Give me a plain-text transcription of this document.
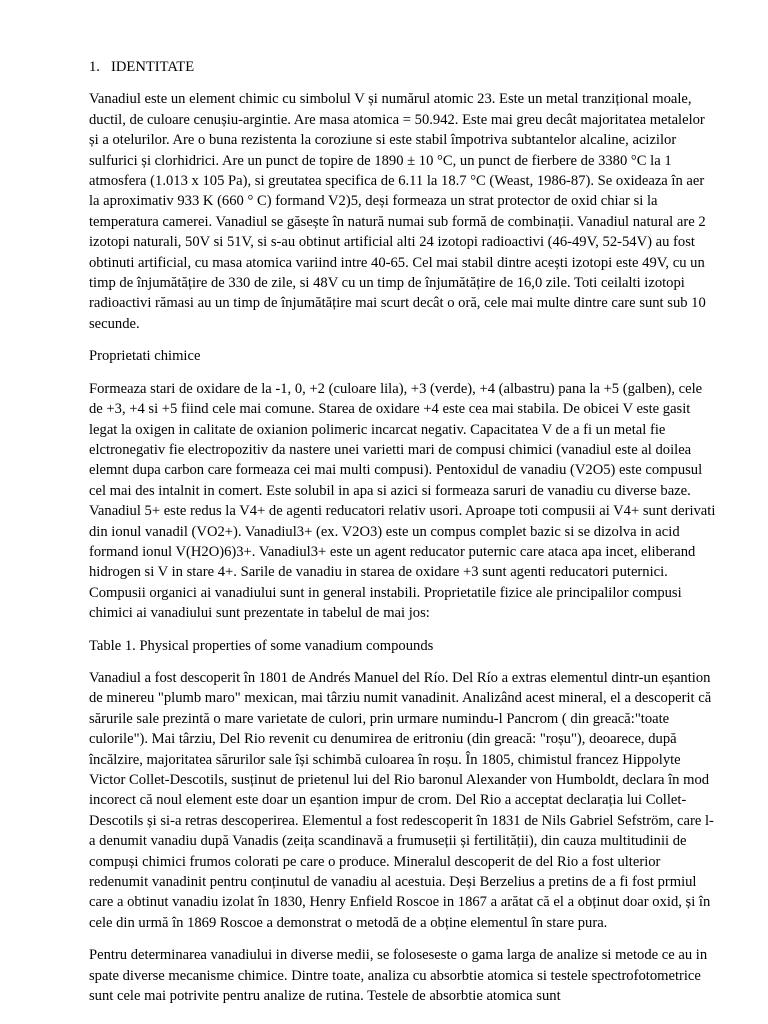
1. IDENTITATE

Vanadiul este un element chimic cu simbolul V și numărul atomic 23. Este un metal tranzițional moale, ductil, de culoare cenușiu-argintie. Are masa atomica = 50.942. Este mai greu decât majoritatea metalelor și a otelurilor. Are o buna rezistenta la coroziune si este stabil împotriva subtantelor alcaline, acizilor sulfurici și clorhidrici. Are un punct de topire de 1890 ± 10 °C, un punct de fierbere de 3380 °C la 1 atmosfera (1.013 x 105 Pa), si greutatea specifica de 6.11 la 18.7 °C (Weast, 1986-87). Se oxideaza în aer la aproximativ 933 K (660 ° C) formand V2)5, deși formeaza un strat protector de oxid chiar si la temperatura camerei. Vanadiul se găsește în natură numai sub formă de combinații. Vanadiul natural are 2 izotopi naturali, 50V si 51V, si s-au obtinut artificial alti 24 izotopi radioactivi (46-49V, 52-54V) au fost obtinuti artificial, cu masa atomica variind intre 40-65. Cel mai stabil dintre acești izotopi este 49V, cu un timp de înjumătățire de 330 de zile, si 48V cu un timp de înjumătățire de 16,0 zile. Toti ceilalti izotopi radioactivi rămasi au un timp de înjumătățire mai scurt decât o oră, cele mai multe dintre care sunt sub 10 secunde.

Proprietati chimice

Formeaza stari de oxidare de la -1, 0, +2 (culoare lila), +3 (verde), +4 (albastru) pana la +5 (galben), cele de +3, +4 si +5 fiind cele mai comune. Starea de oxidare +4 este cea mai stabila. De obicei V este gasit legat la oxigen in calitate de oxianion polimeric incarcat negativ. Capacitatea V de a fi un metal fie elctronegativ fie electropozitiv da nastere unei varietti mari de compusi chimici (vanadiul este al doilea elemnt dupa carbon care formeaza cei mai multi compusi). Pentoxidul de vanadiu (V2O5) este compusul cel mai des intalnit in comert. Este solubil in apa si azici si formeaza saruri de vanadiu cu diverse baze. Vanadiul 5+ este redus la V4+ de agenti reducatori relativ usori. Aproape toti compusii ai V4+ sunt derivati din ionul vanadil (VO2+). Vanadiul3+ (ex. V2O3) este un compus complet bazic si se dizolva in acid formand ionul V(H2O)6)3+. Vanadiul3+ este un agent reducator puternic care ataca apa incet, eliberand hidrogen si V in stare 4+. Sarile de vanadiu in starea de oxidare +3 sunt agenti reducatori puternici. Compusii organici ai vanadiului sunt in general instabili. Proprietatile fizice ale principalilor compusi chimici ai vanadiului sunt prezentate in tabelul de mai jos:

Table 1. Physical properties of some vanadium compounds

Vanadiul a fost descoperit în 1801 de Andrés Manuel del Río. Del Río a extras elementul dintr-un eșantion de minereu "plumb maro" mexican, mai târziu numit vanadinit. Analizând acest mineral, el a descoperit că sărurile sale prezintă o mare varietate de culori, prin urmare numindu-l Pancrom ( din greacă:"toate culorile"). Mai târziu, Del Rio revenit cu denumirea de eritroniu (din greacă: "roșu"), deoarece, după încălzire, majoritatea sărurilor sale își schimbă culoarea în roșu. În 1805, chimistul francez Hippolyte Victor Collet-Descotils, susținut de prietenul lui del Rio baronul Alexander von Humboldt, declara în mod incorect că noul element este doar un eșantion impur de crom. Del Rio a acceptat declarația lui Collet-Descotils și si-a retras descoperirea. Elementul a fost redescoperit în 1831 de Nils Gabriel Sefström, care l-a denumit vanadiu după Vanadis (zeița scandinavă a frumuseții și fertilității), din cauza multitudinii de compuși chimici frumos colorati pe care o produce. Mineralul descoperit de del Rio a fost ulterior redenumit vanadinit pentru conținutul de vanadiu al acestuia. Deși Berzelius a pretins de a fi fost prmiul care a obtinut vanadiu izolat în 1830, Henry Enfield Roscoe in 1867 a arătat că el a obținut doar oxid, și în cele din urmă în 1869 Roscoe a demonstrat o metodă de a obține elementul în stare pura.

Pentru determinarea vanadiului in diverse medii, se foloseseste o gama larga de analize si metode ce au in spate diverse mecanisme chimice. Dintre toate, analiza cu absorbtie atomica si testele spectrofotometrice sunt cele mai potrivite pentru analize de rutina. Testele de absorbtie atomica sunt
